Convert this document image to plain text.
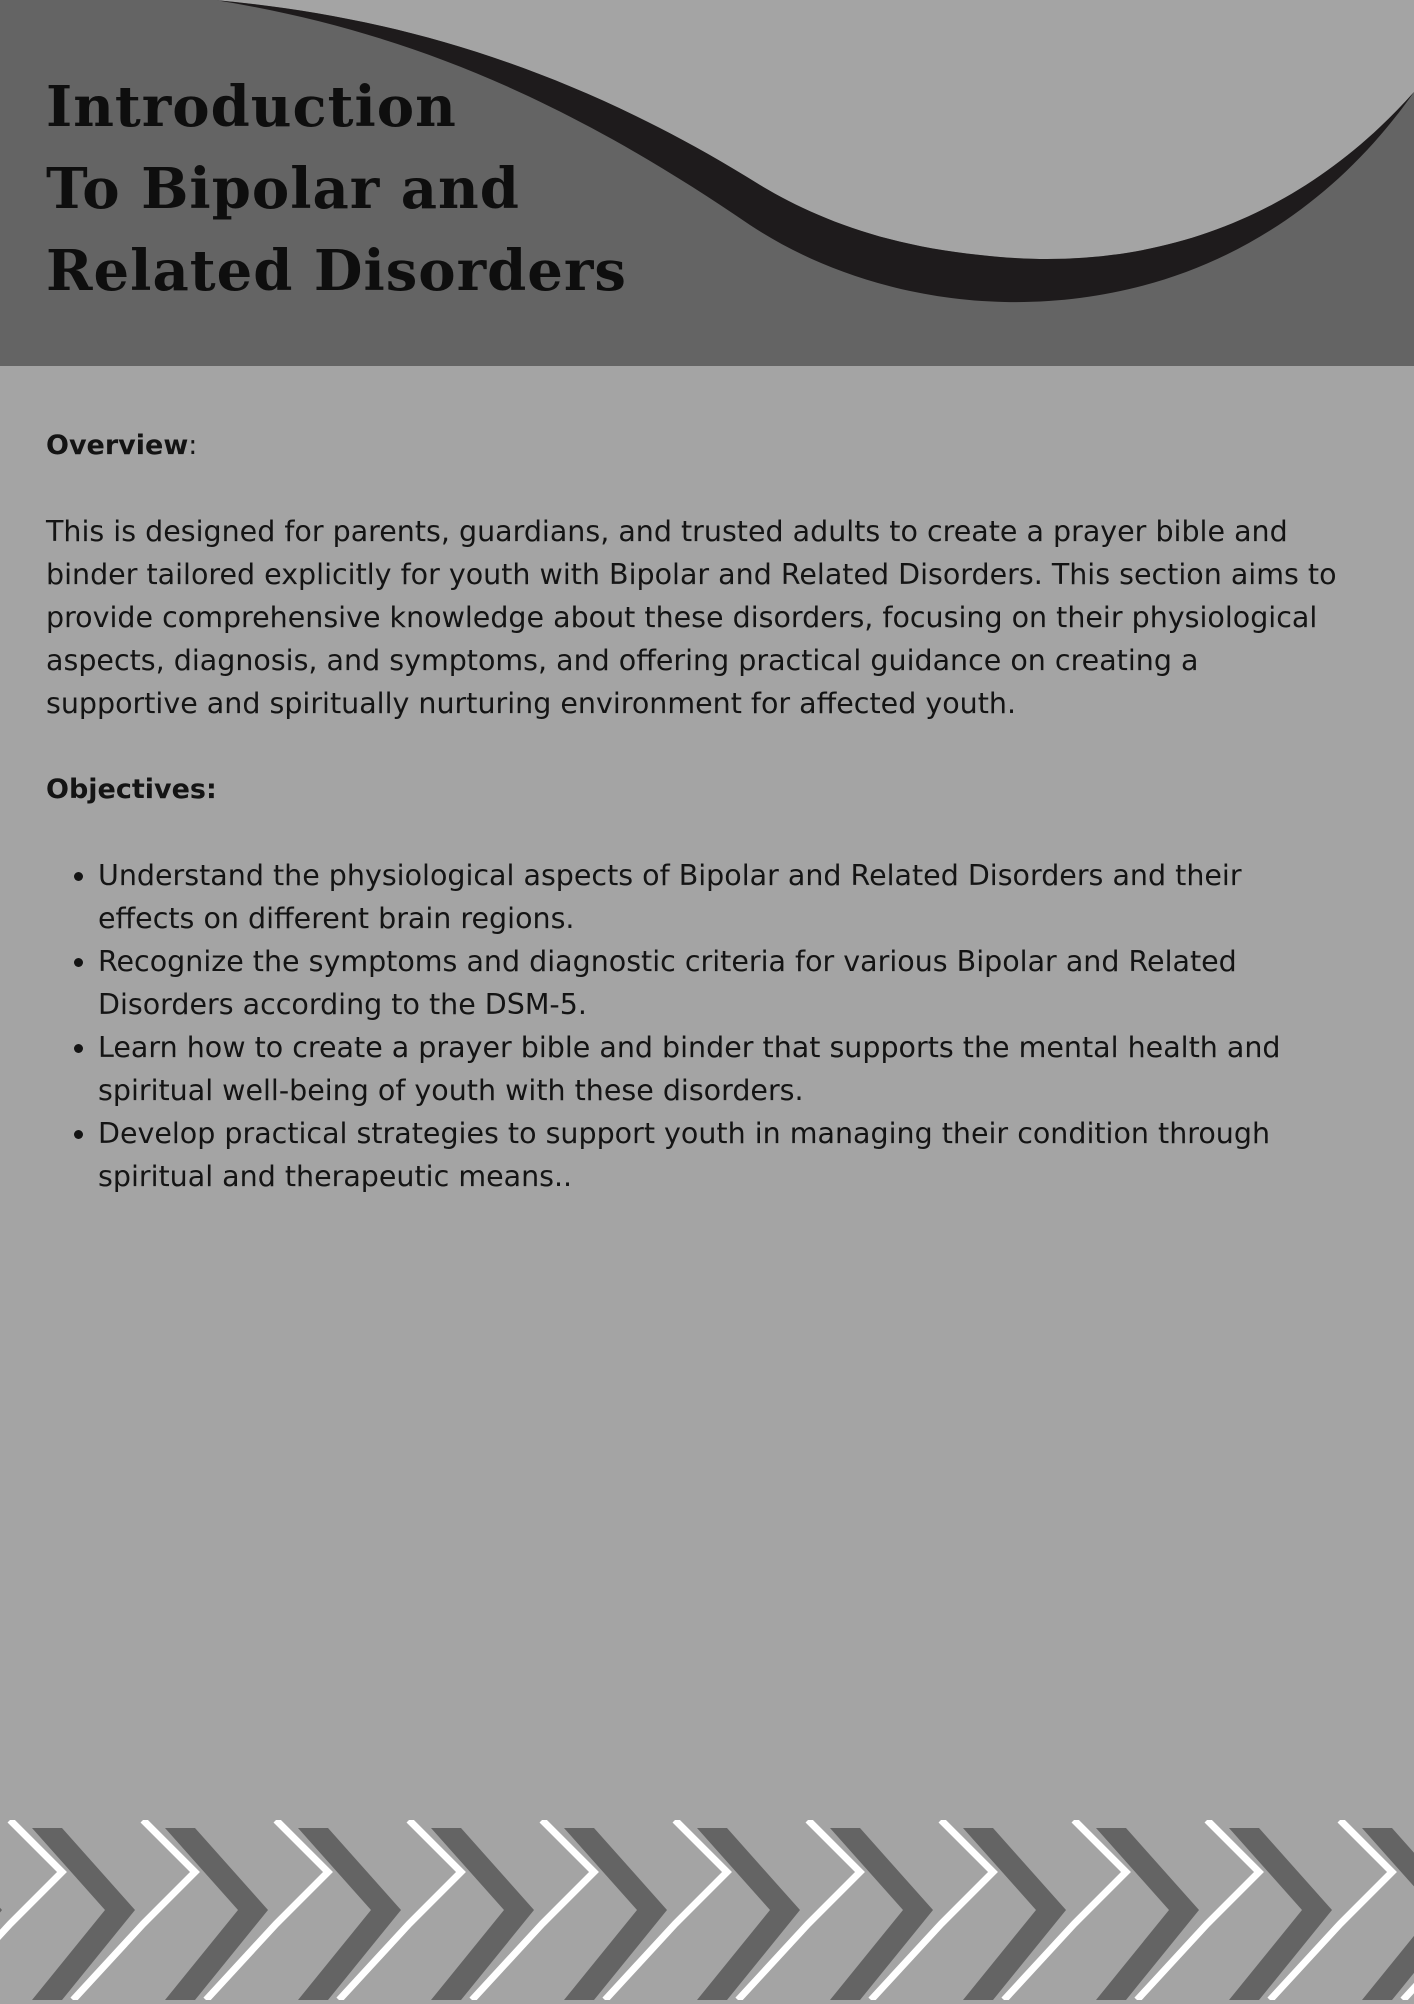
Introduction
To Bipolar and
Related Disorders

Overview:

This is designed for parents, guardians, and trusted adults to create a prayer bible and binder tailored explicitly for youth with Bipolar and Related Disorders. This section aims to provide comprehensive knowledge about these disorders, focusing on their physiological aspects, diagnosis, and symptoms, and offering practical guidance on creating a supportive and spiritually nurturing environment for affected youth.

Objectives:

• Understand the physiological aspects of Bipolar and Related Disorders and their effects on different brain regions.
• Recognize the symptoms and diagnostic criteria for various Bipolar and Related Disorders according to the DSM-5.
• Learn how to create a prayer bible and binder that supports the mental health and spiritual well-being of youth with these disorders.
• Develop practical strategies to support youth in managing their condition through spiritual and therapeutic means..
